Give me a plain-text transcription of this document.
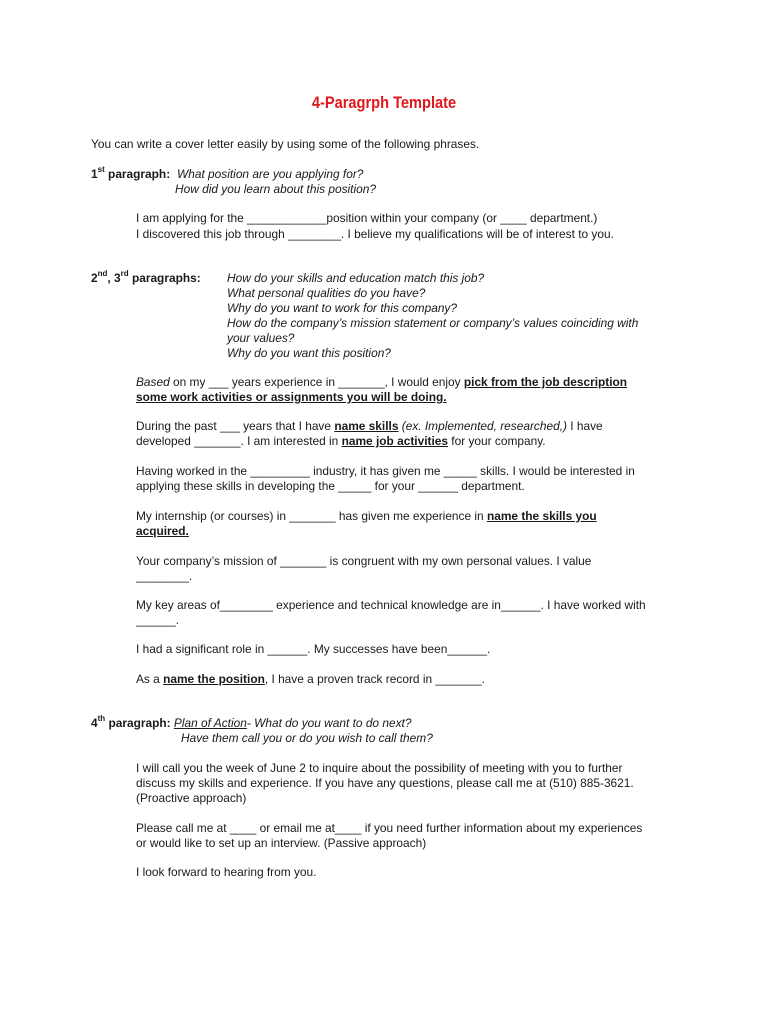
4-Paragrph Template
You can write a cover letter easily by using some of the following phrases.
1st paragraph: What position are you applying for?
How did you learn about this position?
I am applying for the ____________position within your company (or ____ department.)
I discovered this job through ________. I believe my qualifications will be of interest to you.
2nd, 3rd paragraphs: How do your skills and education match this job?
What personal qualities do you have?
Why do you want to work for this company?
How do the company’s mission statement or company’s values coinciding with
your values?
Why do you want this position?
Based on my ___ years experience in _______, I would enjoy pick from the job description
some work activities or assignments you will be doing.
During the past ___ years that I have name skills (ex. Implemented, researched,) I have
developed _______. I am interested in name job activities for your company.
Having worked in the _________ industry, it has given me _____ skills. I would be interested in
applying these skills in developing the _____ for your ______ department.
My internship (or courses) in _______ has given me experience in name the skills you
acquired.
Your company’s mission of _______ is congruent with my own personal values. I value
________.
My key areas of________ experience and technical knowledge are in______. I have worked with
______.
I had a significant role in ______. My successes have been______.
As a name the position, I have a proven track record in _______.
4th paragraph: Plan of Action- What do you want to do next?
Have them call you or do you wish to call them?
I will call you the week of June 2 to inquire about the possibility of meeting with you to further
discuss my skills and experience. If you have any questions, please call me at (510) 885-3621.
(Proactive approach)
Please call me at ____ or email me at____ if you need further information about my experiences
or would like to set up an interview. (Passive approach)
I look forward to hearing from you.
